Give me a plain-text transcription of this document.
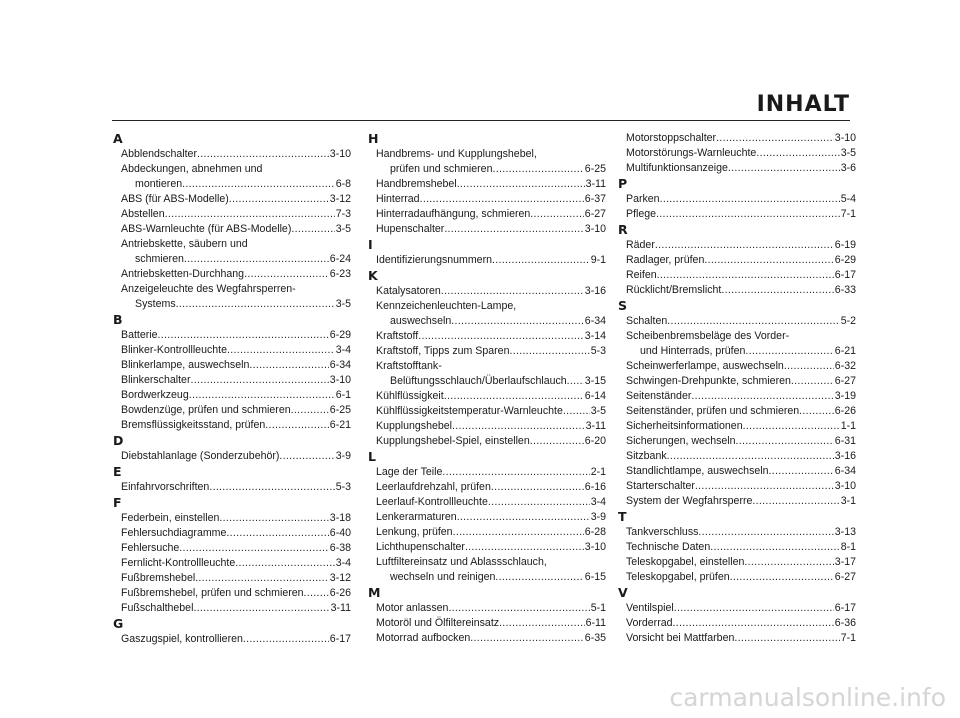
INHALT
A
Abblendschalter .....	3-10
Abdeckungen, abnehmen und
montieren .....	6-8
ABS (für ABS-Modelle) .....	3-12
Abstellen .....	7-3
ABS-Warnleuchte (für ABS-Modelle) .....	3-5
Antriebskette, säubern und
schmieren .....	6-24
Antriebsketten-Durchhang .....	6-23
Anzeigeleuchte des Wegfahrsperren-
Systems .....	3-5
B
Batterie .....	6-29
Blinker-Kontrollleuchte .....	3-4
Blinkerlampe, auswechseln .....	6-34
Blinkerschalter .....	3-10
Bordwerkzeug .....	6-1
Bowdenzüge, prüfen und schmieren .....	6-25
Bremsflüssigkeitsstand, prüfen .....	6-21
D
Diebstahlanlage (Sonderzubehör) .....	3-9
E
Einfahrvorschriften .....	5-3
F
Federbein, einstellen .....	3-18
Fehlersuchdiagramme .....	6-40
Fehlersuche .....	6-38
Fernlicht-Kontrollleuchte .....	3-4
Fußbremshebel .....	3-12
Fußbremshebel, prüfen und schmieren ..... 6-26
Fußschalthebel .....	3-11
G
Gaszugspiel, kontrollieren .....	6-17
H
Handbrems- und Kupplungshebel,
prüfen und schmieren .....	6-25
Handbremshebel .....	3-11
Hinterrad .....	6-37
Hinterradaufhängung, schmieren .....	6-27
Hupenschalter .....	3-10
I
Identifizierungsnummern .....	9-1
K
Katalysatoren .....	3-16
Kennzeichenleuchten-Lampe,
auswechseln .....	6-34
Kraftstoff .....	3-14
Kraftstoff, Tipps zum Sparen .....	5-3
Kraftstofftank-
Belüftungsschlauch/Überlaufschlauch ..... 3-15
Kühlflüssigkeit .....	6-14
Kühlflüssigkeitstemperatur-Warnleuchte .....	3-5
Kupplungshebel .....	3-11
Kupplungshebel-Spiel, einstellen .....	6-20
L
Lage der Teile .....	2-1
Leerlaufdrehzahl, prüfen .....	6-16
Leerlauf-Kontrollleuchte .....	3-4
Lenkerarmaturen .....	3-9
Lenkung, prüfen .....	6-28
Lichthupenschalter .....	3-10
Luftfiltereinsatz und Ablassschlauch,
wechseln und reinigen .....	6-15
M
Motor anlassen .....	5-1
Motoröl und Ölfiltereinsatz .....	6-11
Motorrad aufbocken .....	6-35
Motorstoppschalter .....	3-10
Motorstörungs-Warnleuchte .....	3-5
Multifunktionsanzeige .....	3-6
P
Parken .....	5-4
Pflege .....	7-1
R
Räder .....	6-19
Radlager, prüfen .....	6-29
Reifen .....	6-17
Rücklicht/Bremslicht .....	6-33
S
Schalten .....	5-2
Scheibenbremsbeläge des Vorder-
und Hinterrads, prüfen .....	6-21
Scheinwerferlampe, auswechseln .....	6-32
Schwingen-Drehpunkte, schmieren .....	6-27
Seitenständer .....	3-19
Seitenständer, prüfen und schmieren .....	6-26
Sicherheitsinformationen .....	1-1
Sicherungen, wechseln .....	6-31
Sitzbank .....	3-16
Standlichtlampe, auswechseln .....	6-34
Starterschalter .....	3-10
System der Wegfahrsperre .....	3-1
T
Tankverschluss .....	3-13
Technische Daten .....	8-1
Teleskopgabel, einstellen .....	3-17
Teleskopgabel, prüfen .....	6-27
V
Ventilspiel .....	6-17
Vorderrad .....	6-36
Vorsicht bei Mattfarben .....	7-1
carmanualsonline.info
